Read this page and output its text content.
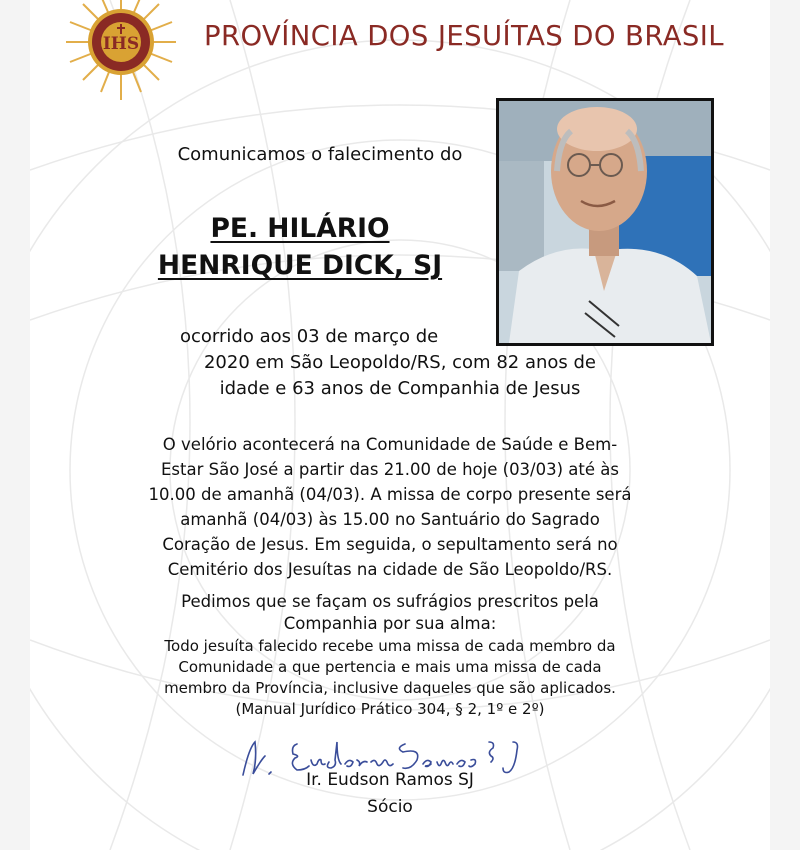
IHS PROVÍNCIA DOS JESUÍTAS DO BRASIL
Comunicamos o falecimento do
PE. HILÁRIO
HENRIQUE DICK, SJ
ocorrido aos 03 de março de
2020 em São Leopoldo/RS, com 82 anos de
idade e 63 anos de Companhia de Jesus
O velório acontecerá na Comunidade de Saúde e Bem-
Estar São José a partir das 21.00 de hoje (03/03) até às
10.00 de amanhã (04/03). A missa de corpo presente será
amanhã (04/03) às 15.00 no Santuário do Sagrado
Coração de Jesus. Em seguida, o sepultamento será no
Cemitério dos Jesuítas na cidade de São Leopoldo/RS.
Pedimos que se façam os sufrágios prescritos pela
Companhia por sua alma:
Todo jesuíta falecido recebe uma missa de cada membro da
Comunidade a que pertencia e mais uma missa de cada
membro da Província, inclusive daqueles que são aplicados.
(Manual Jurídico Prático 304, § 2, 1º e 2º)
Ir. Eudson Ramos SJ
Ir. Eudson Ramos SJ
Sócio
